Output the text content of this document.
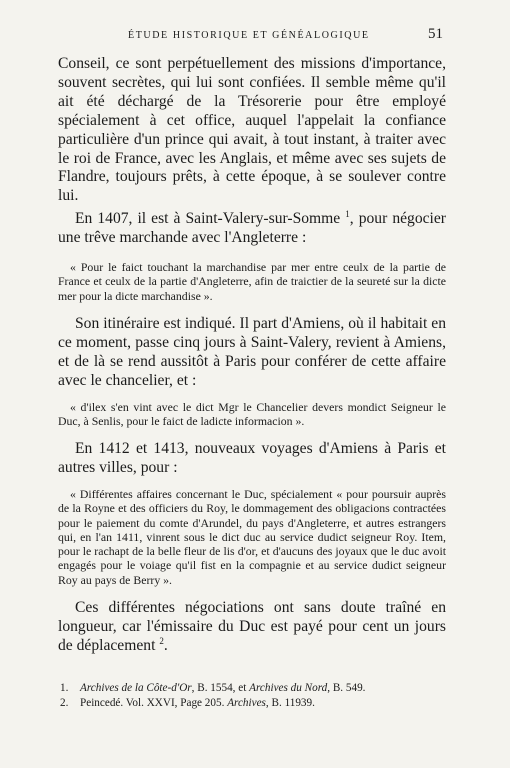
ÉTUDE HISTORIQUE ET GÉNÉALOGIQUE	51

Conseil, ce sont perpétuellement des missions d'importance, souvent secrètes, qui lui sont confiées. Il semble même qu'il ait été déchargé de la Trésorerie pour être employé spécialement à cet office, auquel l'appelait la confiance particulière d'un prince qui avait, à tout instant, à traiter avec le roi de France, avec les Anglais, et même avec ses sujets de Flandre, toujours prêts, à cette époque, à se soulever contre lui.

En 1407, il est à Saint-Valery-sur-Somme $^1$, pour négocier une trêve marchande avec l'Angleterre :

« Pour le faict touchant la marchandise par mer entre ceulx de la partie de France et ceulx de la partie d'Angleterre, afin de traictier de la seureté sur la dicte mer pour la dicte marchandise ».

Son itinéraire est indiqué. Il part d'Amiens, où il habitait en ce moment, passe cinq jours à Saint-Valery, revient à Amiens, et de là se rend aussitôt à Paris pour conférer de cette affaire avec le chancelier, et :

« d'ilex s'en vint avec le dict Mgr le Chancelier devers mondict Seigneur le Duc, à Senlis, pour le faict de ladicte informacion ».

En 1412 et 1413, nouveaux voyages d'Amiens à Paris et autres villes, pour :

« Différentes affaires concernant le Duc, spécialement « pour poursuir auprès de la Royne et des officiers du Roy, le dommagement des obligacions contractées pour le paiement du comte d'Arundel, du pays d'Angleterre, et autres estrangers qui, en l'an 1411, vinrent sous le dict duc au service dudict seigneur Roy. Item, pour le rachapt de la belle fleur de lis d'or, et d'aucuns des joyaux que le duc avoit engagés pour le voiage qu'il fist en la compagnie et au service dudict seigneur Roy au pays de Berry ».

Ces différentes négociations ont sans doute traîné en longueur, car l'émissaire du Duc est payé pour cent un jours de déplacement $^2$.

1.	Archives de la Côte-d'Or, B. 1554, et Archives du Nord, B. 549.
2.	Peincedé. Vol. XXVI, Page 205. Archives, B. 11939.
